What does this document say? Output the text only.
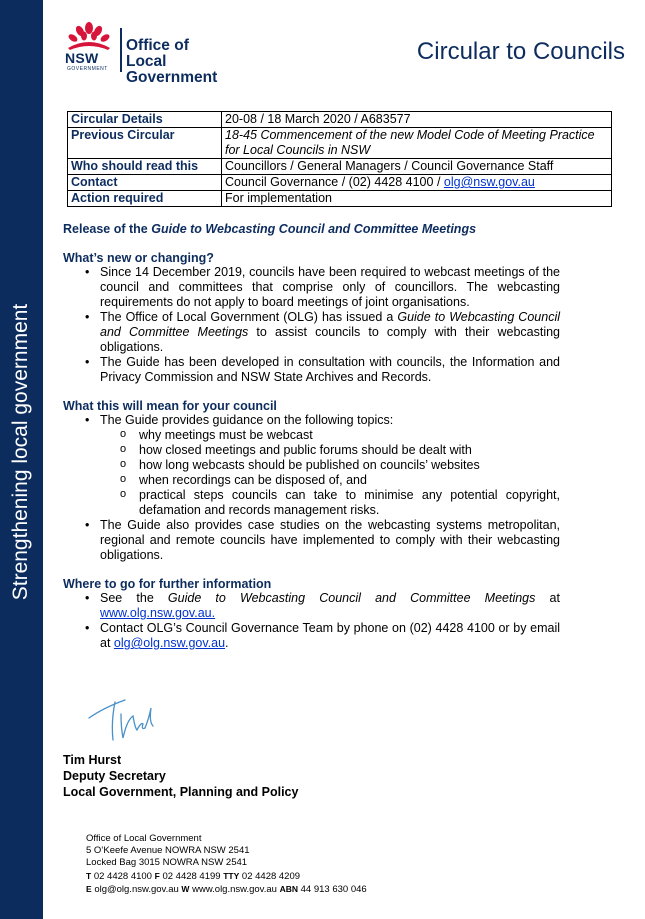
Strengthening local government
NSW
GOVERNMENT
Office of
Local Government
Circular to Councils
Circular Details	20-08 / 18 March 2020 / A683577
Previous Circular	18-45 Commencement of the new Model Code of Meeting Practice for Local Councils in NSW
Who should read this	Councillors / General Managers / Council Governance Staff
Contact	Council Governance / (02) 4428 4100 / olg@nsw.gov.au
Action required	For implementation
Release of the Guide to Webcasting Council and Committee Meetings
What’s new or changing?
• Since 14 December 2019, councils have been required to webcast meetings of the council and committees that comprise only of councillors. The webcasting requirements do not apply to board meetings of joint organisations.
• The Office of Local Government (OLG) has issued a Guide to Webcasting Council and Committee Meetings to assist councils to comply with their webcasting obligations.
• The Guide has been developed in consultation with councils, the Information and Privacy Commission and NSW State Archives and Records.
What this will mean for your council
• The Guide provides guidance on the following topics:
o why meetings must be webcast
o how closed meetings and public forums should be dealt with
o how long webcasts should be published on councils’ websites
o when recordings can be disposed of, and
o practical steps councils can take to minimise any potential copyright, defamation and records management risks.
• The Guide also provides case studies on the webcasting systems metropolitan, regional and remote councils have implemented to comply with their webcasting obligations.
Where to go for further information
• See the Guide to Webcasting Council and Committee Meetings at www.olg.nsw.gov.au.
• Contact OLG’s Council Governance Team by phone on (02) 4428 4100 or by email at olg@olg.nsw.gov.au.
Tim Hurst
Deputy Secretary
Local Government, Planning and Policy
Office of Local Government
5 O’Keefe Avenue NOWRA NSW 2541
Locked Bag 3015 NOWRA NSW 2541
T 02 4428 4100 F 02 4428 4199 TTY 02 4428 4209
E olg@olg.nsw.gov.au W www.olg.nsw.gov.au ABN 44 913 630 046
